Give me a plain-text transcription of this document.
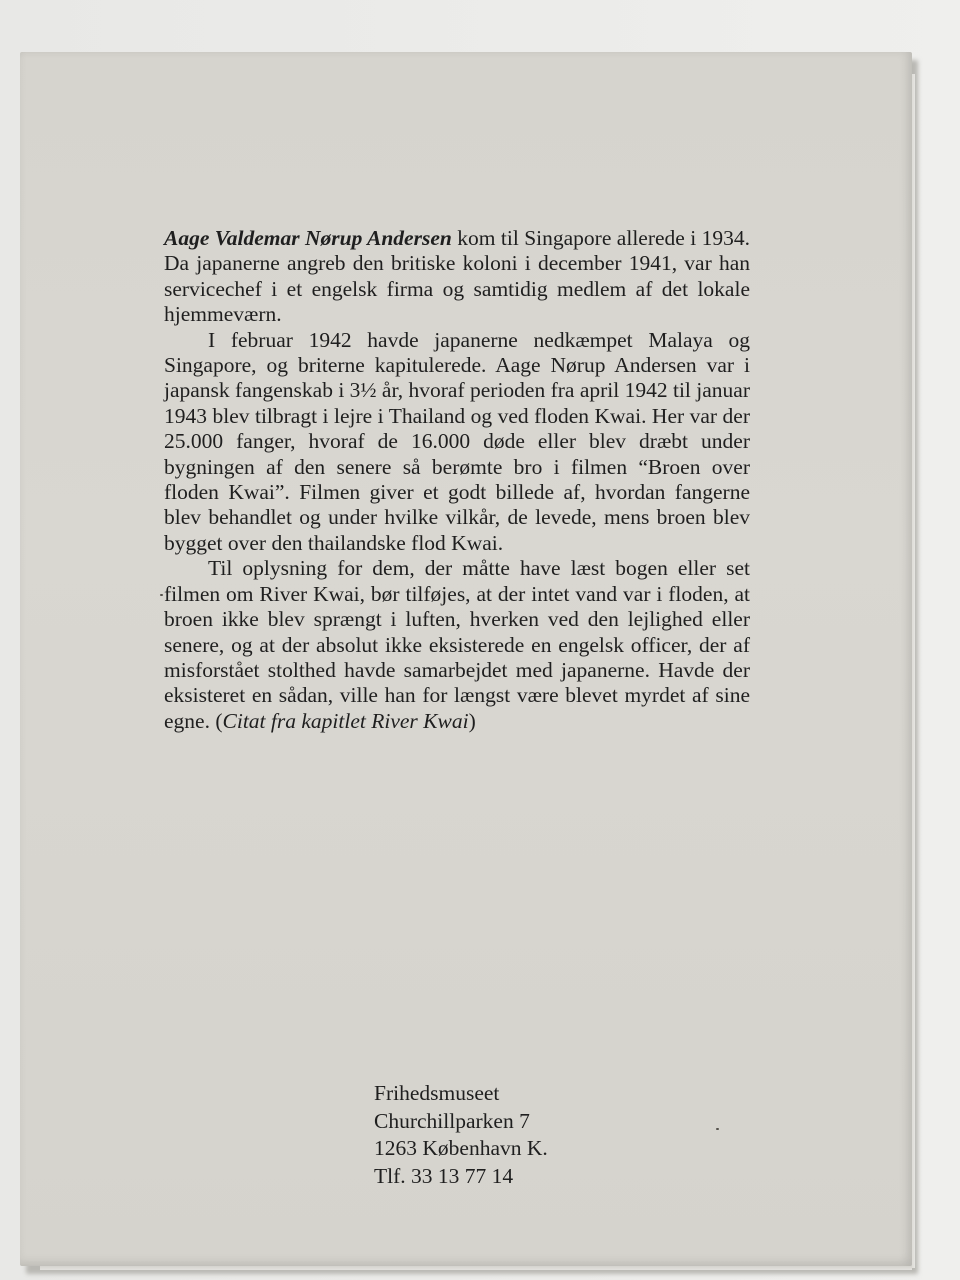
Aage Valdemar Nørup Andersen kom til Singapore allerede i 1934. Da japanerne angreb den britiske koloni i december 1941, var han servicechef i et engelsk firma og samtidig medlem af det lokale hjemmeværn.

I februar 1942 havde japanerne nedkæmpet Malaya og Singapore, og briterne kapitulerede. Aage Nørup Andersen var i japansk fangenskab i 3½ år, hvoraf perioden fra april 1942 til januar 1943 blev tilbragt i lejre i Thailand og ved floden Kwai. Her var der 25.000 fanger, hvoraf de 16.000 døde eller blev dræbt under bygningen af den senere så berømte bro i filmen “Broen over floden Kwai”. Filmen giver et godt billede af, hvordan fangerne blev behandlet og under hvilke vilkår, de levede, mens broen blev bygget over den thailandske flod Kwai.

Til oplysning for dem, der måtte have læst bogen eller set filmen om River Kwai, bør tilføjes, at der intet vand var i floden, at broen ikke blev sprængt i luften, hverken ved den lejlighed eller senere, og at der absolut ikke eksisterede en engelsk officer, der af misforstået stolthed havde samarbejdet med japanerne. Havde der eksisteret en sådan, ville han for længst være blevet myrdet af sine egne. (Citat fra kapitlet River Kwai)

Frihedsmuseet
Churchillparken 7
1263 København K.
Tlf. 33 13 77 14
